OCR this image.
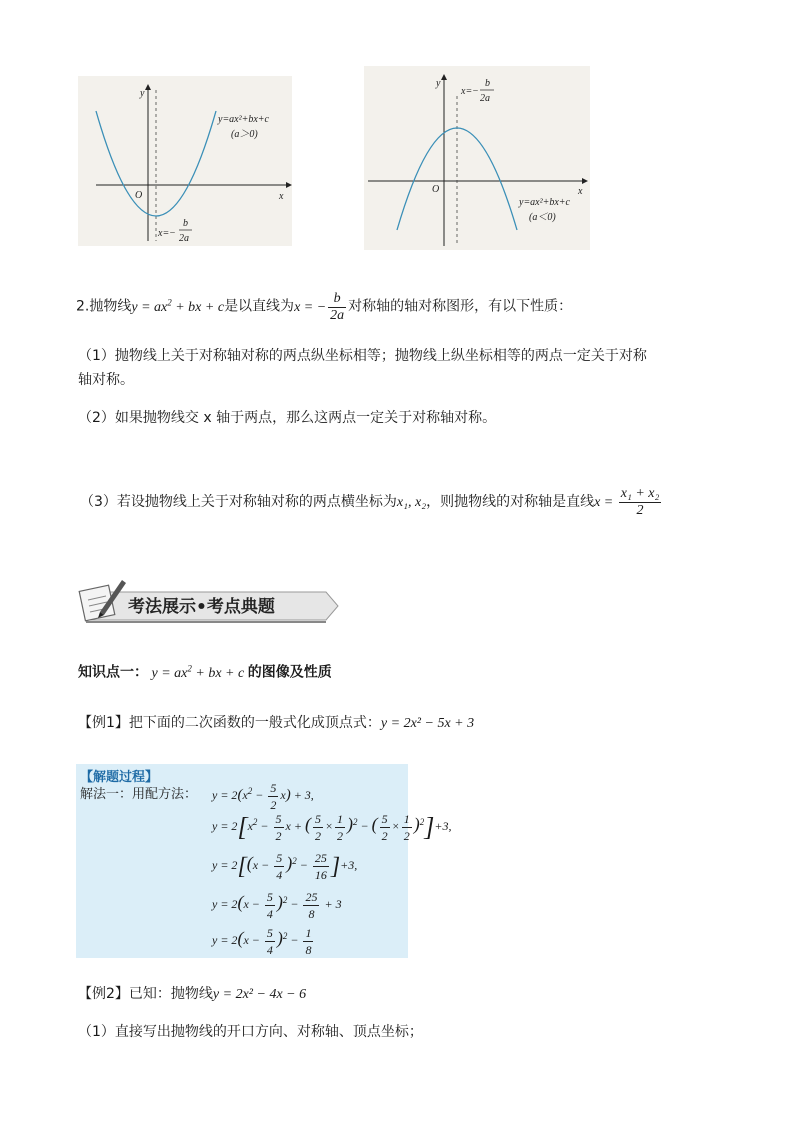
y
x
O
y=ax²+bx+c
(a＞0)
x=−
b
2a
y
x
O
x=−
b
2a
y=ax²+bx+c
(a＜0)
2.抛物线$y = ax^2$ + bx + c是以直线为x = − $\frac{b}{2a}$ 对称轴的轴对称图形，有以下性质：
（1）抛物线上关于对称轴对称的两点纵坐标相等；抛物线上纵坐标相等的两点一定关于对称
轴对称。
（2）如果抛物线交 x 轴于两点，那么这两点一定关于对称轴对称。
（3）若设抛物线上关于对称轴对称的两点横坐标为x₁, x₂，则抛物线的对称轴是直线$x = \frac{\text{x₁ + x₂}}{2}$
考法展示•考点典题
知识点一： $y = ax^2$ + bx + c 的图像及性质
【例1】把下面的二次函数的一般式化成顶点式：y = 2x² − 5x + 3
【解题过程】
解法一：用配方法： $y = 2(x^2 - \frac{5}{2} x) + 3$,
$y = 2[x^2 - \frac{5}{2}$ x + ( $\frac{5}{2} \times \frac{1}{2} )^2$ − ( $\frac{5}{2} \times \frac{1}{2} )^2]+3$,
$y = 2[(x - \frac{5}{4} )^2 - \frac{25}{16} ]+3$,
$y = 2(x - \frac{5}{4} )^2 - \frac{25}{8} + 3$
$y = 2(x - \frac{5}{4} )^2 - \frac{1}{8}$
【例2】已知：抛物线y = 2x² − 4x − 6
（1）直接写出抛物线的开口方向、对称轴、顶点坐标；
